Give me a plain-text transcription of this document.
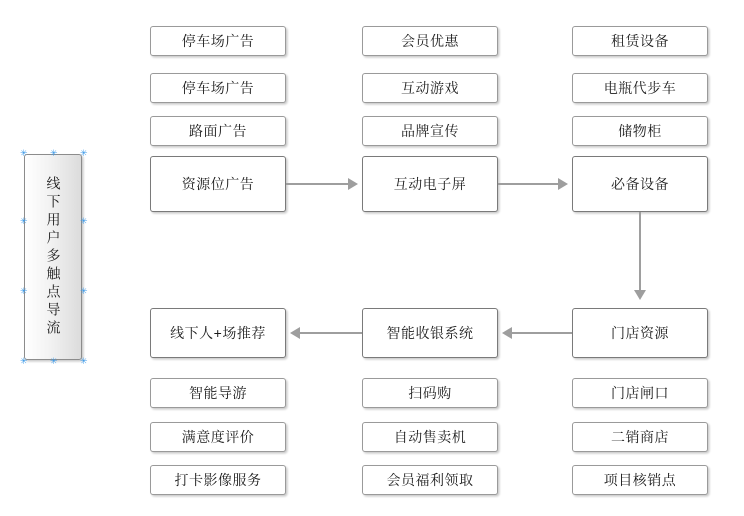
线下用户多触点导流
✳
✳
✳
✳
✳
✳
✳
✳
✳
✳
停车场广告
停车场广告
路面广告
资源位广告
线下人+场推荐
智能导游
满意度评价
打卡影像服务
会员优惠
互动游戏
品牌宣传
互动电子屏
智能收银系统
扫码购
自动售卖机
会员福利领取
租赁设备
电瓶代步车
储物柜
必备设备
门店资源
门店闸口
二销商店
项目核销点
